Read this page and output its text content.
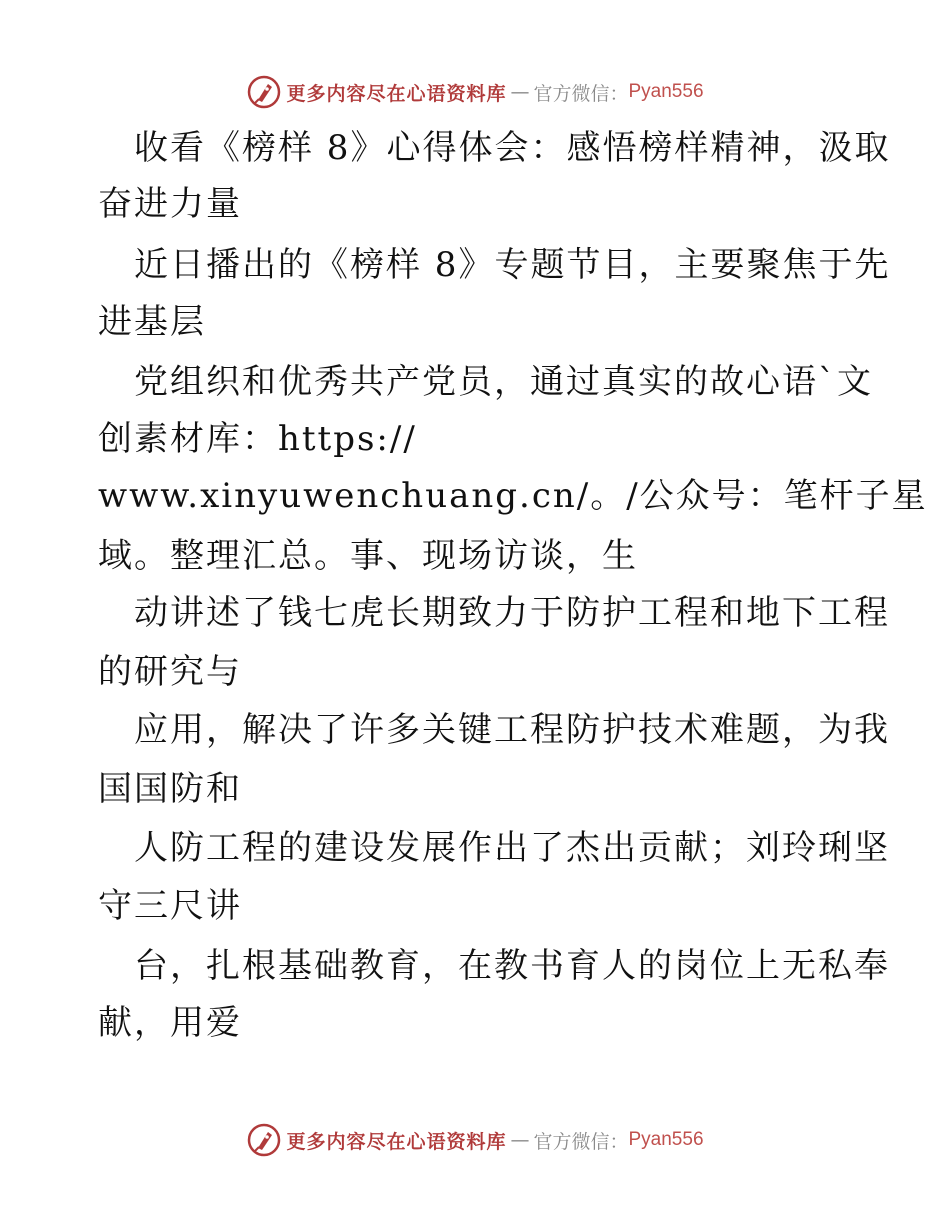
更多内容尽在心语资料库 — 官方微信： Pyan556

收看《榜样 8》心得体会：感悟榜样精神，汲取

奋进力量

近日播出的《榜样 8》专题节目，主要聚焦于先

进基层

党组织和优秀共产党员，通过真实的故心语`文

创素材库：https://

www.xinyuwenchuang.cn/。/公众号：笔杆子星

域。整理汇总。事、现场访谈，生

动讲述了钱七虎长期致力于防护工程和地下工程

的研究与

应用，解决了许多关键工程防护技术难题，为我

国国防和

人防工程的建设发展作出了杰出贡献；刘玲琍坚

守三尺讲

台，扎根基础教育，在教书育人的岗位上无私奉

献，用爱

更多内容尽在心语资料库 — 官方微信： Pyan556
